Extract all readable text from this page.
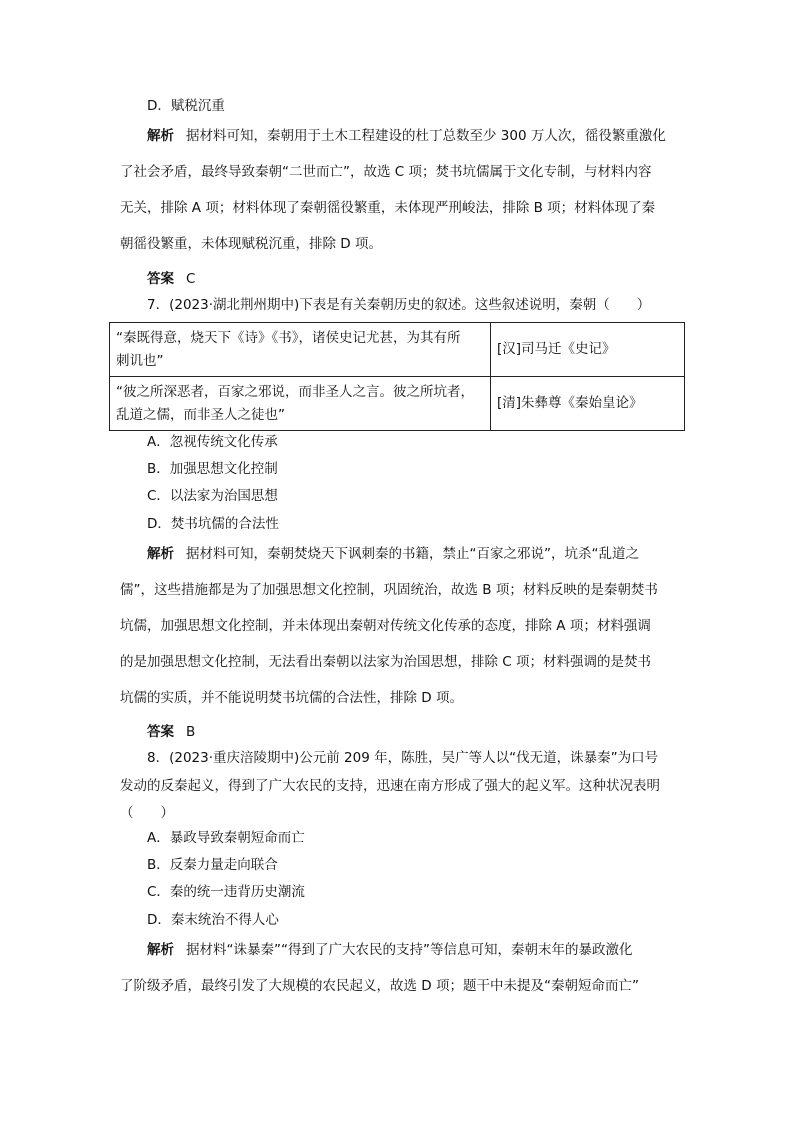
D．赋税沉重
解析 据材料可知，秦朝用于土木工程建设的杜丁总数至少 300 万人次，徭役繁重激化
了社会矛盾，最终导致秦朝“二世而亡”，故选 C 项；焚书坑儒属于文化专制，与材料内容
无关，排除 A 项；材料体现了秦朝徭役繁重，未体现严刑峻法，排除 B 项；材料体现了秦
朝徭役繁重，未体现赋税沉重，排除 D 项。
答案 C
7．(2023·湖北荆州期中)下表是有关秦朝历史的叙述。这些叙述说明，秦朝（　　）
“秦既得意，烧天下《诗》《书》，诸侯史记尤甚，为其有所
刺讥也”	[汉]司马迁《史记》

“彼之所深恶者，百家之邪说，而非圣人之言。彼之所坑者，
乱道之儒，而非圣人之徒也”	[清]朱彝尊《秦始皇论》
A．忽视传统文化传承
B．加强思想文化控制
C．以法家为治国思想
D．焚书坑儒的合法性
解析 据材料可知，秦朝焚烧天下讽刺秦的书籍，禁止“百家之邪说”，坑杀“乱道之
儒”，这些措施都是为了加强思想文化控制，巩固统治，故选 B 项；材料反映的是秦朝焚书
坑儒，加强思想文化控制，并未体现出秦朝对传统文化传承的态度，排除 A 项；材料强调
的是加强思想文化控制，无法看出秦朝以法家为治国思想，排除 C 项；材料强调的是焚书
坑儒的实质，并不能说明焚书坑儒的合法性，排除 D 项。
答案 B
8．(2023·重庆涪陵期中)公元前 209 年，陈胜，吴广等人以“伐无道，诛暴秦”为口号
发动的反秦起义，得到了广大农民的支持，迅速在南方形成了强大的起义军。这种状况表明
（　　）
A．暴政导致秦朝短命而亡
B．反秦力量走向联合
C．秦的统一违背历史潮流
D．秦末统治不得人心
解析 据材料“诛暴秦”“得到了广大农民的支持”等信息可知，秦朝末年的暴政激化
了阶级矛盾，最终引发了大规模的农民起义，故选 D 项；题干中未提及“秦朝短命而亡”
